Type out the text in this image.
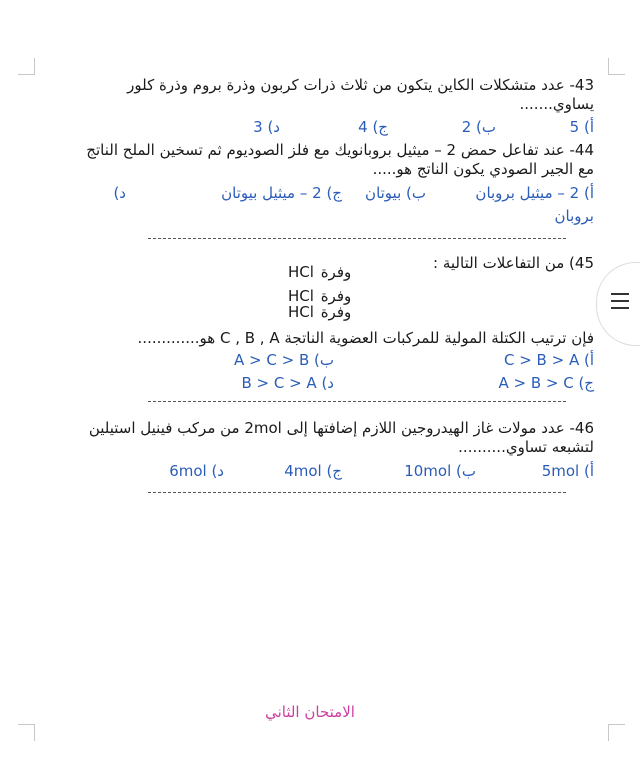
43- عدد متشكلات الكاين يتكون من ثلاث ذرات كربون وذرة بروم وذرة كلور يساوي.......
أ) 5
ب) 2
ج) 4
د) 3
44- عند تفاعل حمض 2 – ميثيل بروبانويك مع فلز الصوديوم ثم تسخين الملح الناتج مع الجير الصودي يكون الناتج هو.....
أ) 2 – ميثيل بروبان
ب) بيوتان
ج) 2 – ميثيل بيوتان
د)
بروبان
45) من التفاعلات التالية :
HCl وفرة
HCl وفرة
HCl وفرة
فإن ترتيب الكتلة المولية للمركبات العضوية الناتجة C , B , A هو.............
أ) C > B > A
ب) A > C > B
ج) A > B > C
د) B > C > A
46- عدد مولات غاز الهيدروجين اللازم إضافتها إلى 2mol من مركب فينيل استيلين لتشبعه تساوي..........
أ) 5mol
ب) 10mol
ج) 4mol
د) 6mol
الامتحان الثاني
